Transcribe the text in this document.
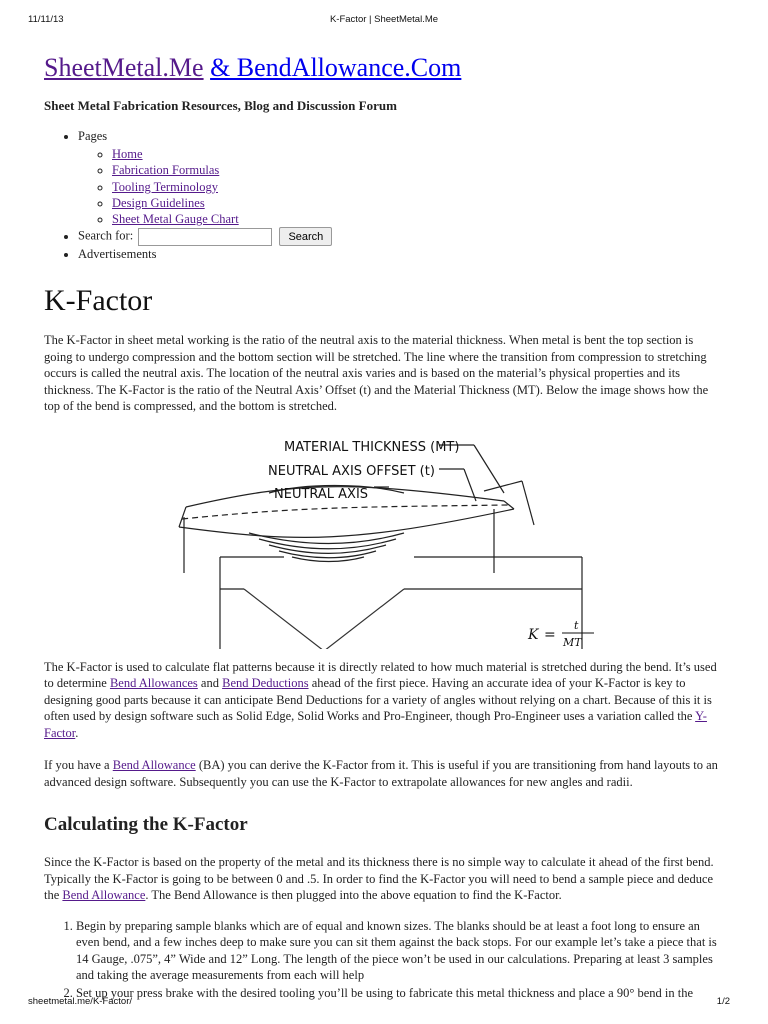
11/11/13	K-Factor | SheetMetal.Me
SheetMetal.Me & BendAllowance.Com
Sheet Metal Fabrication Resources, Blog and Discussion Forum
• Pages
◦ Home
◦ Fabrication Formulas
◦ Tooling Terminology
◦ Design Guidelines
◦ Sheet Metal Gauge Chart
• Search for:	Search
• Advertisements
K-Factor

The K-Factor in sheet metal working is the ratio of the neutral axis to the material thickness. When metal is bent the top section is going to undergo compression and the bottom section will be stretched. The line where the transition from compression to stretching occurs is called the neutral axis. The location of the neutral axis varies and is based on the material’s physical properties and its thickness. The K-Factor is the ratio of the Neutral Axis’ Offset (t) and the Material Thickness (MT). Below the image shows how the top of the bend is compressed, and the bottom is stretched.

MATERIAL THICKNESS (MT)
NEUTRAL AXIS OFFSET (t)
NEUTRAL AXIS
K =
t
MT

The K-Factor is used to calculate flat patterns because it is directly related to how much material is stretched during the bend. It’s used to determine Bend Allowances and Bend Deductions ahead of the first piece. Having an accurate idea of your K-Factor is key to designing good parts because it can anticipate Bend Deductions for a variety of angles without relying on a chart. Because of this it is often used by design software such as Solid Edge, Solid Works and Pro-Engineer, though Pro-Engineer uses a variation called the Y-Factor.

If you have a Bend Allowance (BA) you can derive the K-Factor from it. This is useful if you are transitioning from hand layouts to an advanced design software. Subsequently you can use the K-Factor to extrapolate allowances for new angles and radii.

Calculating the K-Factor

Since the K-Factor is based on the property of the metal and its thickness there is no simple way to calculate it ahead of the first bend. Typically the K-Factor is going to be between 0 and .5. In order to find the K-Factor you will need to bend a sample piece and deduce the Bend Allowance. The Bend Allowance is then plugged into the above equation to find the K-Factor.

1. Begin by preparing sample blanks which are of equal and known sizes. The blanks should be at least a foot long to ensure an even bend, and a few inches deep to make sure you can sit them against the back stops. For our example let’s take a piece that is 14 Gauge, .075”, 4” Wide and 12” Long. The length of the piece won’t be used in our calculations. Preparing at least 3 samples and taking the average measurements from each will help
2. Set up your press brake with the desired tooling you’ll be using to fabricate this metal thickness and place a 90° bend in the
sheetmetal.me/K-Factor/	1/2
